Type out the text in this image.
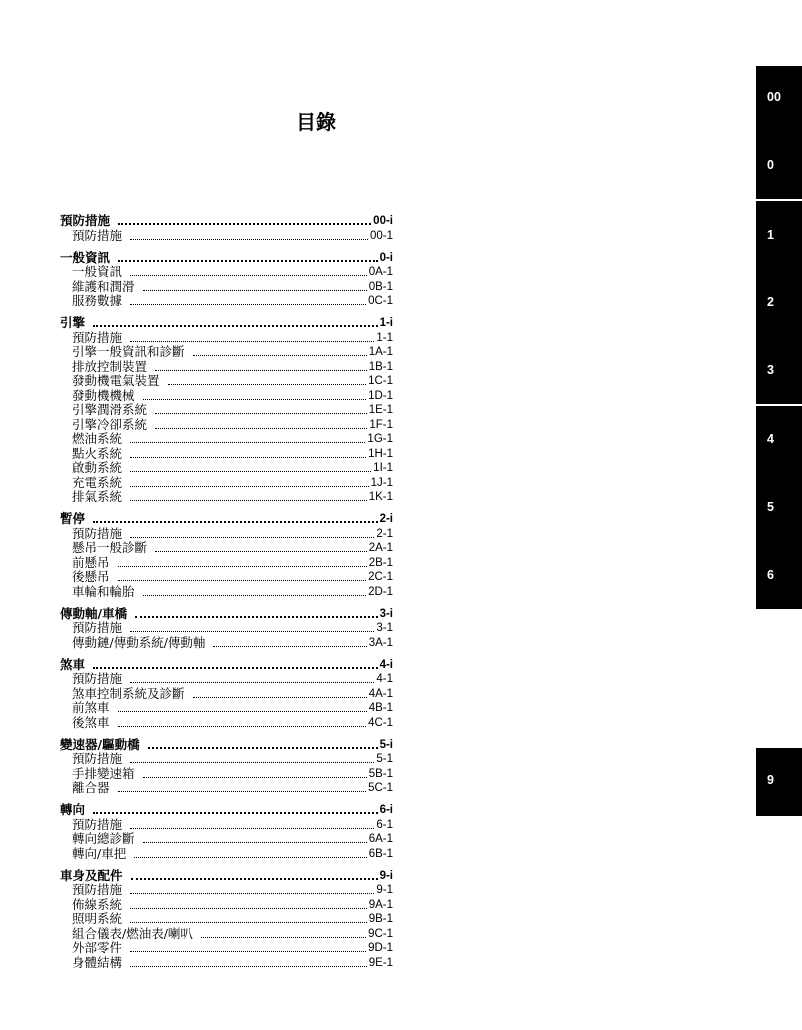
目錄
預防措施	00-i
預防措施	00-1
一般資訊	0-i
一般資訊	0A-1
維護和潤滑	0B-1
服務數據	0C-1
引擎	1-i
預防措施	1-1
引擎一般資訊和診斷	1A-1
排放控制裝置	1B-1
發動機電氣裝置	1C-1
發動機機械	1D-1
引擎潤滑系統	1E-1
引擎冷卻系統	1F-1
燃油系統	1G-1
點火系統	1H-1
啟動系統	1I-1
充電系統	1J-1
排氣系統	1K-1
暫停	2-i
預防措施	2-1
懸吊一般診斷	2A-1
前懸吊	2B-1
後懸吊	2C-1
車輪和輪胎	2D-1
傳動軸/車橋	3-i
預防措施	3-1
傳動鏈/傳動系統/傳動軸	3A-1
煞車	4-i
預防措施	4-1
煞車控制系統及診斷	4A-1
前煞車	4B-1
後煞車	4C-1
變速器/驅動橋	5-i
預防措施	5-1
手排變速箱	5B-1
離合器	5C-1
轉向	6-i
預防措施	6-1
轉向總診斷	6A-1
轉向/車把	6B-1
車身及配件	9-i
預防措施	9-1
佈線系統	9A-1
照明系統	9B-1
組合儀表/燃油表/喇叭	9C-1
外部零件	9D-1
身體結構	9E-1
00
0
1
2
3
4
5
6
9
